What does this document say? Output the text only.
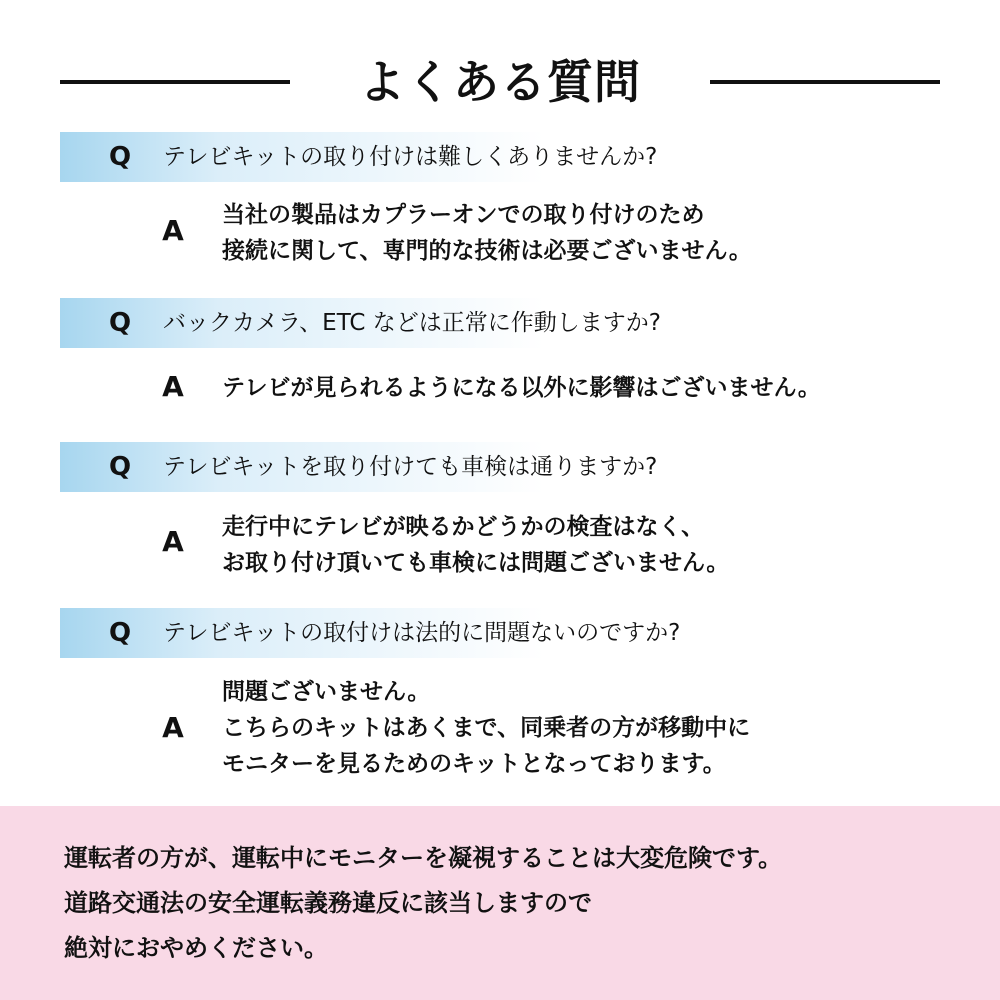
よくある質問
Q テレビキットの取り付けは難しくありませんか?
A 当社の製品はカプラーオンでの取り付けのため
接続に関して、専門的な技術は必要ございません。
Q バックカメラ、ETC などは正常に作動しますか?
A テレビが見られるようになる以外に影響はございません。
Q テレビキットを取り付けても車検は通りますか?
A 走行中にテレビが映るかどうかの検査はなく、
お取り付け頂いても車検には問題ございません。
Q テレビキットの取付けは法的に問題ないのですか?
A
問題ございません。
こちらのキットはあくまで、同乗者の方が移動中に
モニターを見るためのキットとなっております。
運転者の方が、運転中にモニターを凝視することは大変危険です。
道路交通法の安全運転義務違反に該当しますので
絶対におやめください。
